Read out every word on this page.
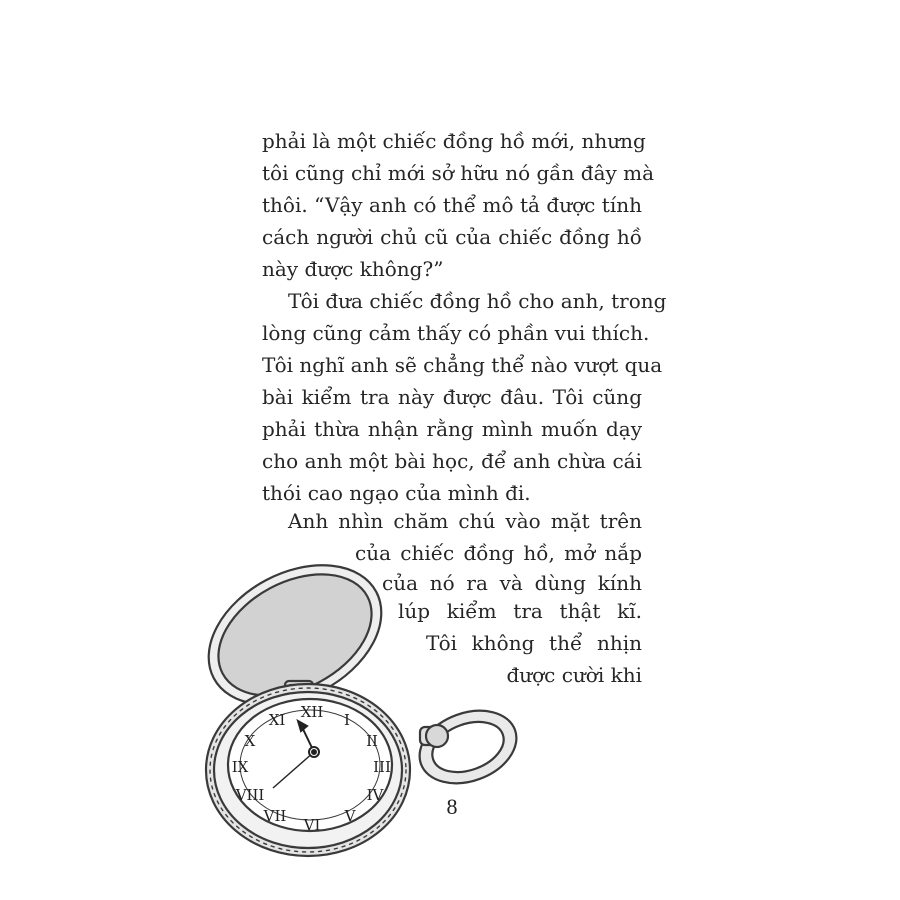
phải là một chiếc đồng hồ mới, nhưng
tôi cũng chỉ mới sở hữu nó gần đây mà
thôi. “Vậy anh có thể mô tả được tính
cách người chủ cũ của chiếc đồng hồ
này được không?”
Tôi đưa chiếc đồng hồ cho anh, trong
lòng cũng cảm thấy có phần vui thích.
Tôi nghĩ anh sẽ chẳng thể nào vượt qua
bài kiểm tra này được đâu. Tôi cũng
phải thừa nhận rằng mình muốn dạy
cho anh một bài học, để anh chừa cái
thói cao ngạo của mình đi.
Anh nhìn chăm chú vào mặt trên
của chiếc đồng hồ, mở nắp
của nó ra và dùng kính
lúp kiểm tra thật kĩ.
Tôi không thể nhịn
được cười khi
XII I
II
III
IV
V
VI
VII
VIII
IX
X
XI
8
